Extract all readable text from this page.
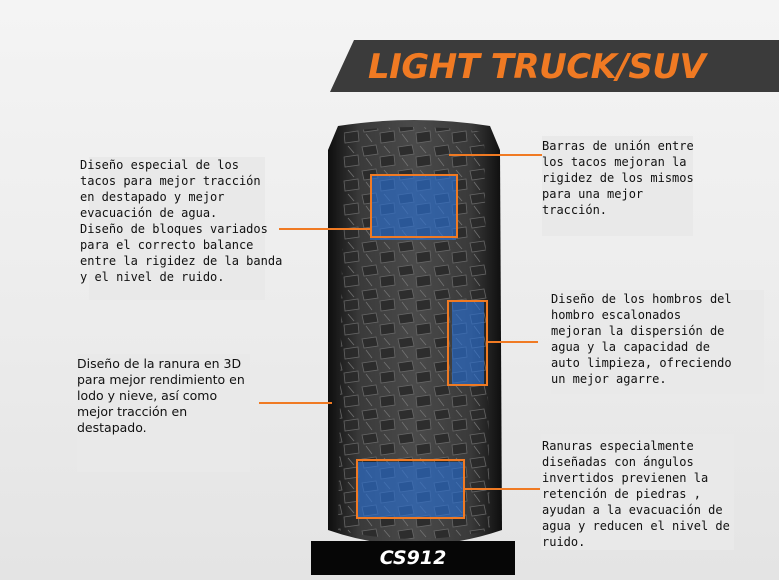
LIGHT TRUCK/SUV
Diseño especial de los
tacos para mejor tracción
en destapado y mejor
evacuación de agua.
Diseño de bloques variados
para el correcto balance
entre la rigidez de la banda
y el nivel de ruido.
Diseño de la ranura en 3D
para mejor rendimiento en
lodo y nieve, así como
mejor tracción en
destapado.
Barras de unión entre
los tacos mejoran la
rigidez de los mismos
para una mejor
tracción.
Diseño de los hombros del
hombro escalonados
mejoran la dispersión de
agua y la capacidad de
auto limpieza, ofreciendo
un mejor agarre.
Ranuras especialmente
diseñadas con ángulos
invertidos previenen la
retención de piedras ,
ayudan a la evacuación de
agua y reducen el nivel de
ruido.
CS912
